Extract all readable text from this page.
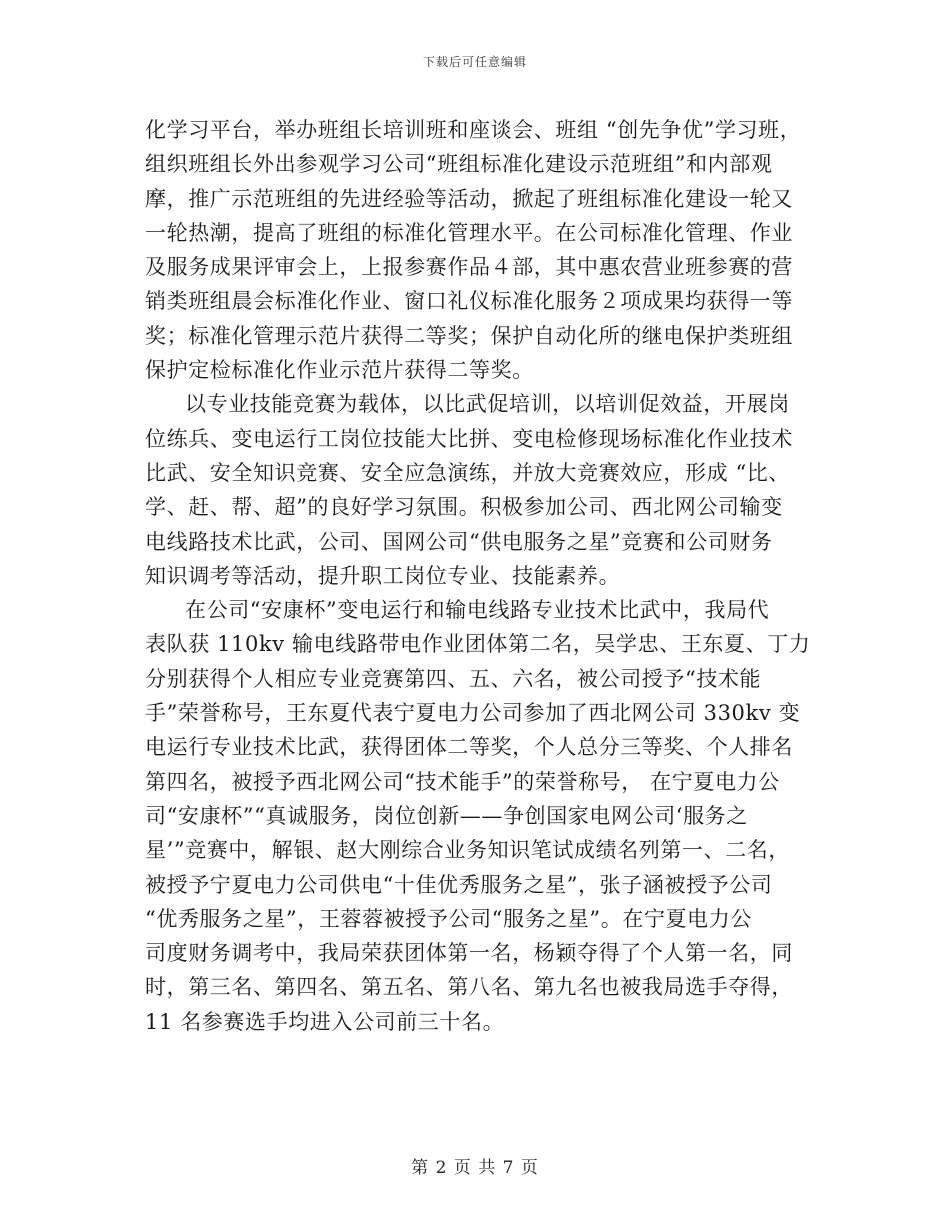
下载后可任意编辑
化学习平台，举办班组长培训班和座谈会、班组 “创先争优”学习班，
组织班组长外出参观学习公司“班组标准化建设示范班组”和内部观
摩，推广示范班组的先进经验等活动，掀起了班组标准化建设一轮又
一轮热潮，提高了班组的标准化管理水平。在公司标准化管理、作业
及服务成果评审会上，上报参赛作品４部，其中惠农营业班参赛的营
销类班组晨会标准化作业、窗口礼仪标准化服务２项成果均获得一等
奖；标准化管理示范片获得二等奖；保护自动化所的继电保护类班组
保护定检标准化作业示范片获得二等奖。
以专业技能竞赛为载体，以比武促培训，以培训促效益，开展岗
位练兵、变电运行工岗位技能大比拼、变电检修现场标准化作业技术
比武、安全知识竞赛、安全应急演练，并放大竞赛效应，形成 “比、
学、赶、帮、超”的良好学习氛围。积极参加公司、西北网公司输变
电线路技术比武，公司、国网公司“供电服务之星”竞赛和公司财务
知识调考等活动，提升职工岗位专业、技能素养。
在公司“安康杯”变电运行和输电线路专业技术比武中，我局代
表队获 110kv 输电线路带电作业团体第二名，吴学忠、王东夏、丁力
分别获得个人相应专业竞赛第四、五、六名，被公司授予“技术能
手”荣誉称号，王东夏代表宁夏电力公司参加了西北网公司 330kv 变
电运行专业技术比武，获得团体二等奖，个人总分三等奖、个人排名
第四名，被授予西北网公司“技术能手”的荣誉称号， 在宁夏电力公
司“安康杯”“真诚服务，岗位创新——争创国家电网公司‘服务之
星’”竞赛中，解银、赵大刚综合业务知识笔试成绩名列第一、二名，
被授予宁夏电力公司供电“十佳优秀服务之星”，张子涵被授予公司
“优秀服务之星”，王蓉蓉被授予公司“服务之星”。在宁夏电力公
司度财务调考中，我局荣获团体第一名，杨颖夺得了个人第一名，同
时，第三名、第四名、第五名、第八名、第九名也被我局选手夺得，
11 名参赛选手均进入公司前三十名。
第 2 页 共 7 页
